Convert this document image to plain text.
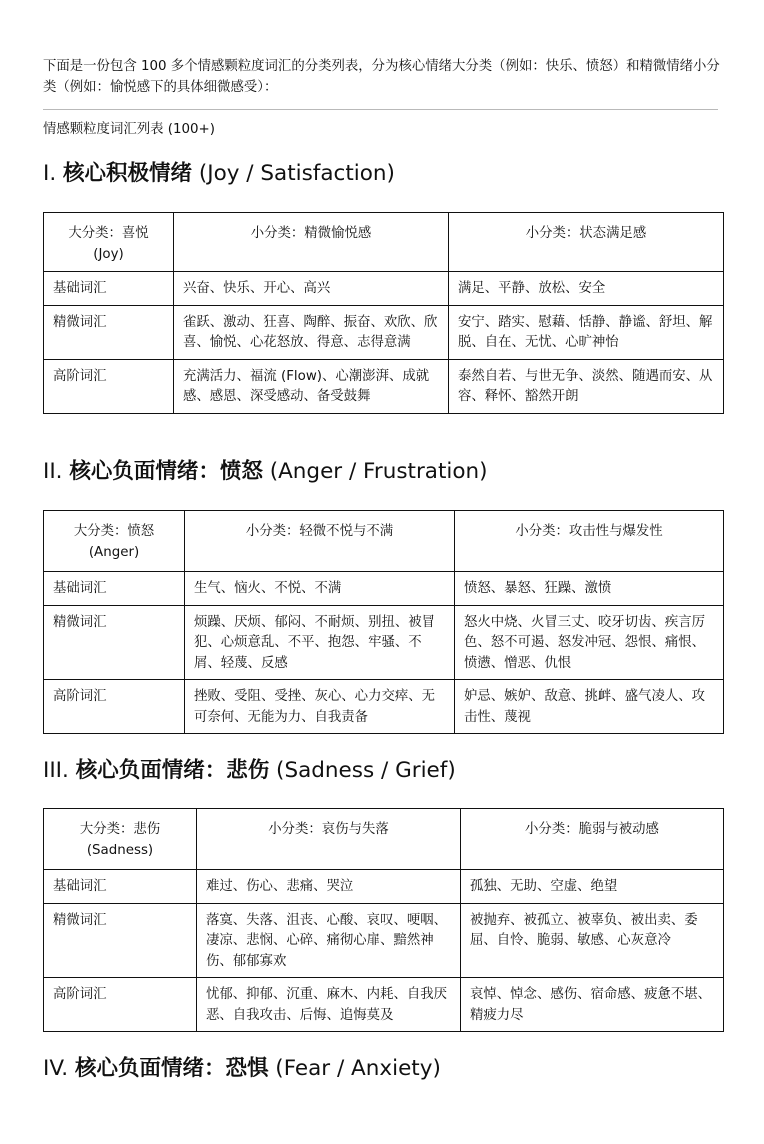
下面是一份包含 100 多个情感颗粒度词汇的分类列表，分为核心情绪大分类（例如：快乐、愤怒）和精微情绪小分类（例如：愉悦感下的具体细微感受）：

情感颗粒度词汇列表 (100+)

I. 核心积极情绪 (Joy / Satisfaction)
大分类：喜悦
(Joy)	小分类：精微愉悦感	小分类：状态满足感
基础词汇	兴奋、快乐、开心、高兴	满足、平静、放松、安全
精微词汇	雀跃、激动、狂喜、陶醉、振奋、欢欣、欣喜、愉悦、心花怒放、得意、志得意满	安宁、踏实、慰藉、恬静、静谧、舒坦、解脱、自在、无忧、心旷神怡
高阶词汇	充满活力、福流 (Flow)、心潮澎湃、成就感、感恩、深受感动、备受鼓舞	泰然自若、与世无争、淡然、随遇而安、从容、释怀、豁然开朗
II. 核心负面情绪：愤怒 (Anger / Frustration)
大分类：愤怒
(Anger)	小分类：轻微不悦与不满	小分类：攻击性与爆发性
基础词汇	生气、恼火、不悦、不满	愤怒、暴怒、狂躁、激愤
精微词汇	烦躁、厌烦、郁闷、不耐烦、别扭、被冒犯、心烦意乱、不平、抱怨、牢骚、不屑、轻蔑、反感	怒火中烧、火冒三丈、咬牙切齿、疾言厉色、怒不可遏、怒发冲冠、怨恨、痛恨、愤懑、憎恶、仇恨
高阶词汇	挫败、受阻、受挫、灰心、心力交瘁、无可奈何、无能为力、自我责备	妒忌、嫉妒、敌意、挑衅、盛气凌人、攻击性、蔑视
III. 核心负面情绪：悲伤 (Sadness / Grief)
大分类：悲伤
(Sadness)	小分类：哀伤与失落	小分类：脆弱与被动感
基础词汇	难过、伤心、悲痛、哭泣	孤独、无助、空虚、绝望
精微词汇	落寞、失落、沮丧、心酸、哀叹、哽咽、凄凉、悲悯、心碎、痛彻心扉、黯然神伤、郁郁寡欢	被抛弃、被孤立、被辜负、被出卖、委屈、自怜、脆弱、敏感、心灰意冷
高阶词汇	忧郁、抑郁、沉重、麻木、内耗、自我厌恶、自我攻击、后悔、追悔莫及	哀悼、悼念、感伤、宿命感、疲惫不堪、精疲力尽
IV. 核心负面情绪：恐惧 (Fear / Anxiety)
